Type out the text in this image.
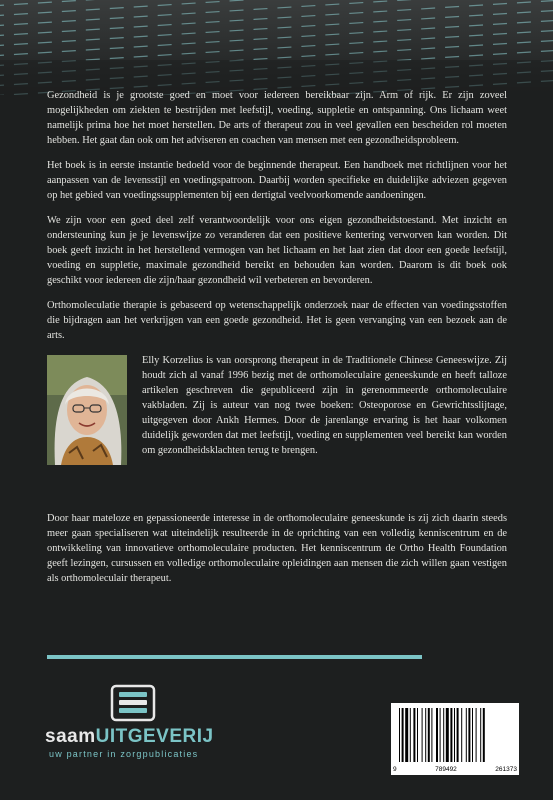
Gezondheid is je grootste goed en moet voor iedereen bereikbaar zijn. Arm of rijk. Er zijn zoveel mogelijkheden om ziekten te bestrijden met leefstijl, voeding, suppletie en ontspanning. Ons lichaam weet namelijk prima hoe het moet herstellen. De arts of therapeut zou in veel gevallen een bescheiden rol moeten hebben. Het gaat dan ook om het adviseren en coachen van mensen met een gezondheidsprobleem.

Het boek is in eerste instantie bedoeld voor de beginnende therapeut. Een handboek met richtlijnen voor het aanpassen van de levensstijl en voedingspatroon. Daarbij worden specifieke en duidelijke adviezen gegeven op het gebied van voedingssupplementen bij een dertigtal veelvoorkomende aandoeningen.

We zijn voor een goed deel zelf verantwoordelijk voor ons eigen gezondheidstoestand. Met inzicht en ondersteuning kun je je levenswijze zo veranderen dat een positieve kentering verworven kan worden. Dit boek geeft inzicht in het herstellend vermogen van het lichaam en het laat zien dat door een goede leefstijl, voeding en suppletie, maximale gezondheid bereikt en behouden kan worden. Daarom is dit boek ook geschikt voor iedereen die zijn/haar gezondheid wil verbeteren en bevorderen.

Orthomoleculatie therapie is gebaseerd op wetenschappelijk onderzoek naar de effecten van voedingsstoffen die bijdragen aan het verkrijgen van een goede gezondheid. Het is geen vervanging van een bezoek aan de arts.

Elly Korzelius is van oorsprong therapeut in de Traditionele Chinese Geneeswijze. Zij houdt zich al vanaf 1996 bezig met de orthomoleculaire geneeskunde en heeft talloze artikelen geschreven die gepubliceerd zijn in gerenommeerde orthomoleculaire vakbladen. Zij is auteur van nog twee boeken: Osteoporose en Gewrichtsslijtage, uitgegeven door Ankh Hermes. Door de jarenlange ervaring is het haar volkomen duidelijk geworden dat met leefstijl, voeding en supplementen veel bereikt kan worden om gezondheidsklachten terug te brengen.

Door haar mateloze en gepassioneerde interesse in de orthomoleculaire geneeskunde is zij zich daarin steeds meer gaan specialiseren wat uiteindelijk resulteerde in de oprichting van een volledig kenniscentrum en de ontwikkeling van innovatieve orthomoleculaire producten. Het kenniscentrum de Ortho Health Foundation geeft lezingen, cursussen en volledige orthomoleculaire opleidingen aan mensen die zich willen gaan vestigen als orthomoleculair therapeut.

saamUITGEVERIJ
uw partner in zorgpublicaties
9	789492	261373
